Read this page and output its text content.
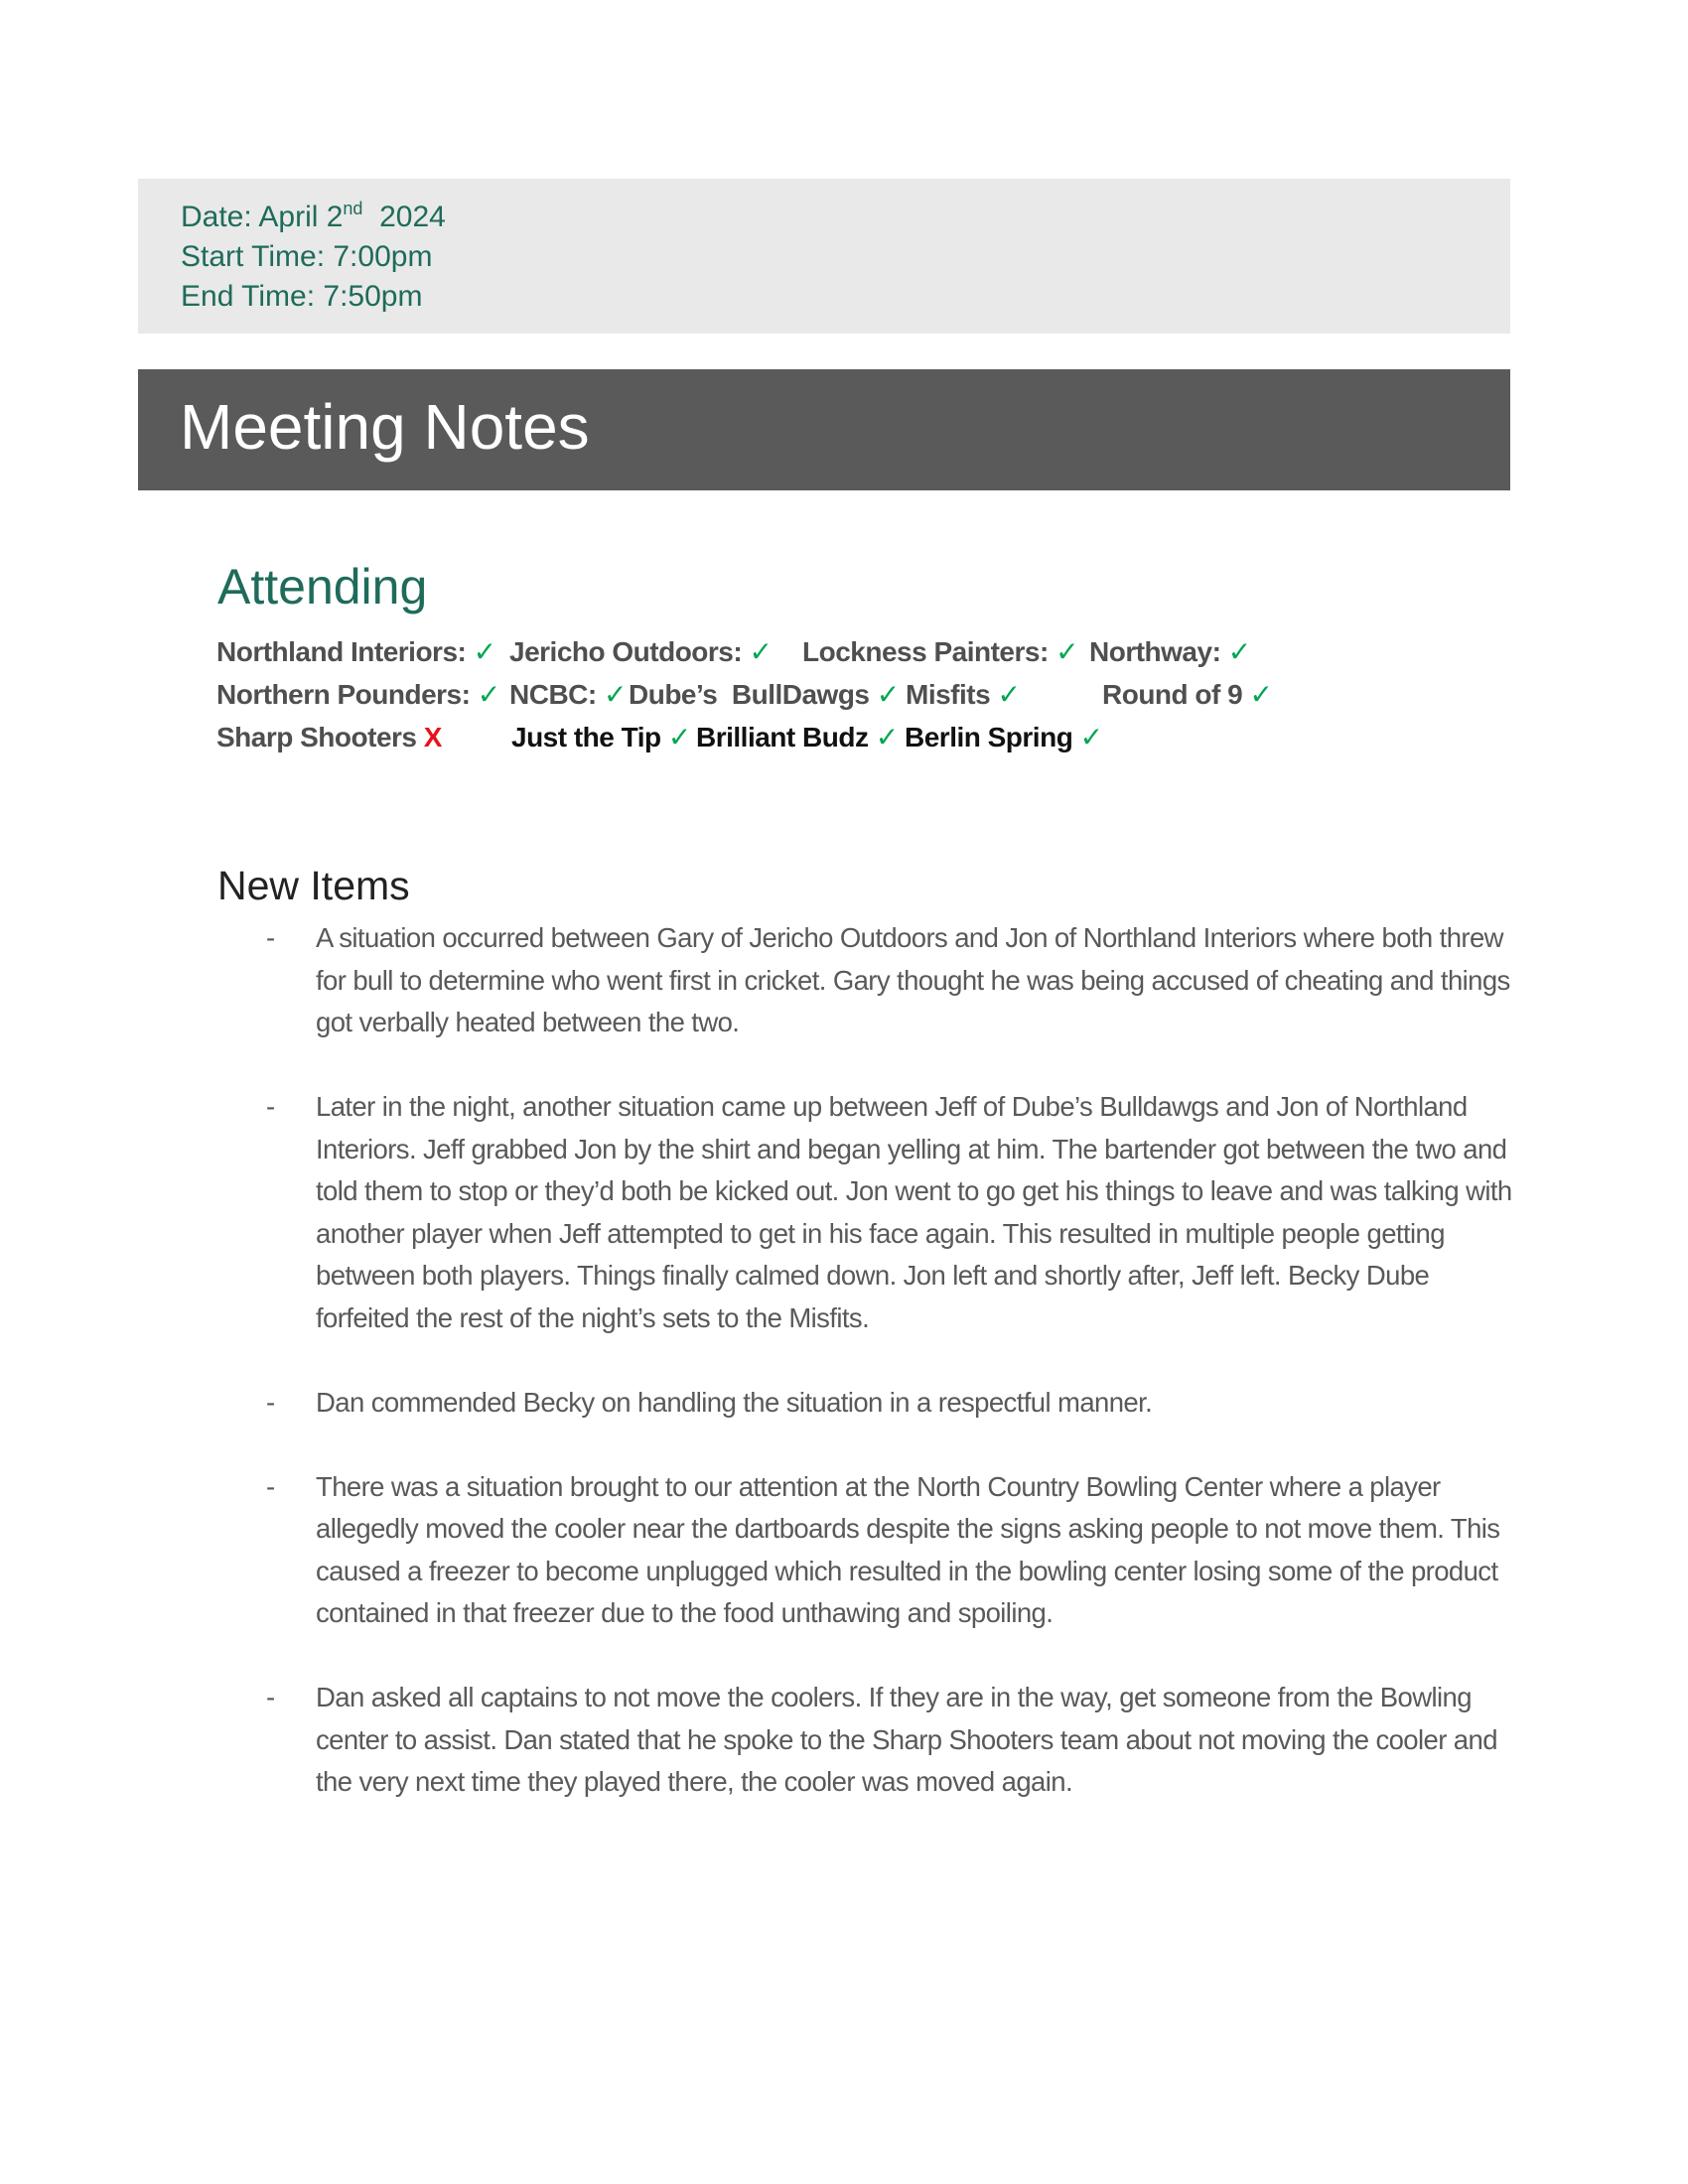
Date: April 2nd  2024
Start Time: 7:00pm
End Time: 7:50pm
Meeting Notes
Attending
Northland Interiors: ✓ Jericho Outdoors: ✓ Lockness Painters: ✓ Northway: ✓
Northern Pounders: ✓ NCBC: ✓ Dube’s  BullDawgs ✓ Misfits ✓	Round of 9 ✓
Sharp Shooters X	Just the Tip ✓ Brilliant Budz ✓ Berlin Spring ✓
New Items
- A situation occurred between Gary of Jericho Outdoors and Jon of Northland Interiors where both threw for bull to determine who went first in cricket. Gary thought he was being accused of cheating and things got verbally heated between the two.
- Later in the night, another situation came up between Jeff of Dube’s Bulldawgs and Jon of Northland Interiors. Jeff grabbed Jon by the shirt and began yelling at him. The bartender got between the two and told them to stop or they’d both be kicked out. Jon went to go get his things to leave and was talking with another player when Jeff attempted to get in his face again. This resulted in multiple people getting between both players. Things finally calmed down. Jon left and shortly after, Jeff left. Becky Dube forfeited the rest of the night’s sets to the Misfits.
- Dan commended Becky on handling the situation in a respectful manner.
- There was a situation brought to our attention at the North Country Bowling Center where a player allegedly moved the cooler near the dartboards despite the signs asking people to not move them. This caused a freezer to become unplugged which resulted in the bowling center losing some of the product contained in that freezer due to the food unthawing and spoiling.
- Dan asked all captains to not move the coolers. If they are in the way, get someone from the Bowling center to assist. Dan stated that he spoke to the Sharp Shooters team about not moving the cooler and the very next time they played there, the cooler was moved again.
